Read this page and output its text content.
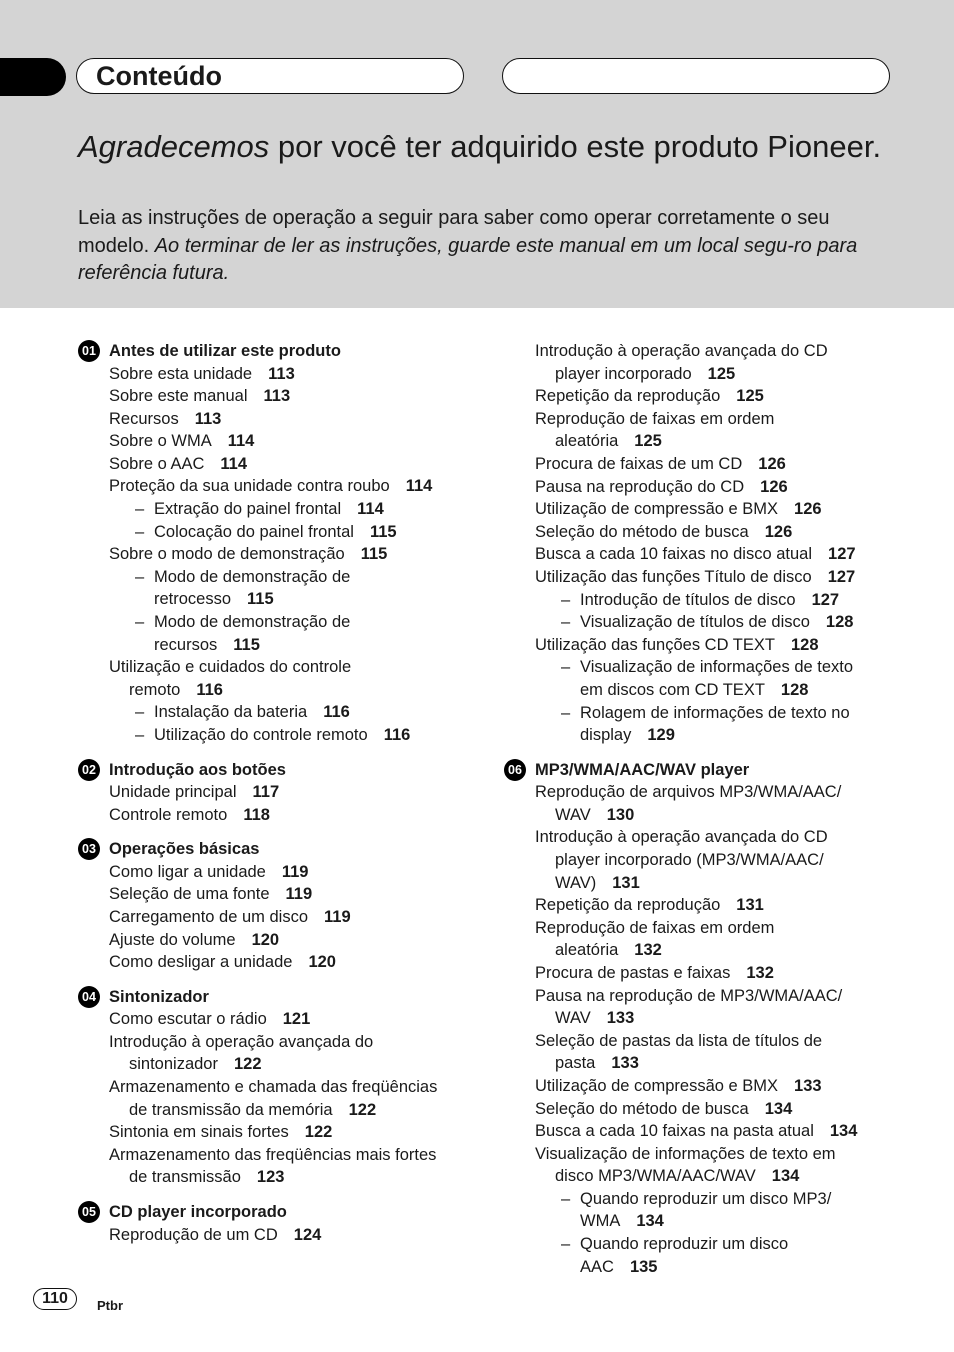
Conteúdo
Agradecemos por você ter adquirido este produto Pioneer.
Leia as instruções de operação a seguir para saber como operar corretamente o seu modelo. Ao terminar de ler as instruções, guarde este manual em um local segu-ro para referência futura.
01 Antes de utilizar este produto
Sobre esta unidade 113
Sobre este manual 113
Recursos 113
Sobre o WMA 114
Sobre o AAC 114
Proteção da sua unidade contra roubo 114
– Extração do painel frontal 114
– Colocação do painel frontal 115
Sobre o modo de demonstração 115
– Modo de demonstração de
retrocesso 115
– Modo de demonstração de
recursos 115
Utilização e cuidados do controle
remoto 116
– Instalação da bateria 116
– Utilização do controle remoto 116
02 Introdução aos botões
Unidade principal 117
Controle remoto 118
03 Operações básicas
Como ligar a unidade 119
Seleção de uma fonte 119
Carregamento de um disco 119
Ajuste do volume 120
Como desligar a unidade 120
04 Sintonizador
Como escutar o rádio 121
Introdução à operação avançada do
sintonizador 122
Armazenamento e chamada das freqüências
de transmissão da memória 122
Sintonia em sinais fortes 122
Armazenamento das freqüências mais fortes
de transmissão 123
05 CD player incorporado
Reprodução de um CD 124
Introdução à operação avançada do CD
player incorporado 125
Repetição da reprodução 125
Reprodução de faixas em ordem
aleatória 125
Procura de faixas de um CD 126
Pausa na reprodução do CD 126
Utilização de compressão e BMX 126
Seleção do método de busca 126
Busca a cada 10 faixas no disco atual 127
Utilização das funções Título de disco 127
– Introdução de títulos de disco 127
– Visualização de títulos de disco 128
Utilização das funções CD TEXT 128
– Visualização de informações de texto
em discos com CD TEXT 128
– Rolagem de informações de texto no
display 129
06 MP3/WMA/AAC/WAV player
Reprodução de arquivos MP3/WMA/AAC/
WAV 130
Introdução à operação avançada do CD
player incorporado (MP3/WMA/AAC/
WAV) 131
Repetição da reprodução 131
Reprodução de faixas em ordem
aleatória 132
Procura de pastas e faixas 132
Pausa na reprodução de MP3/WMA/AAC/
WAV 133
Seleção de pastas da lista de títulos de
pasta 133
Utilização de compressão e BMX 133
Seleção do método de busca 134
Busca a cada 10 faixas na pasta atual 134
Visualização de informações de texto em
disco MP3/WMA/AAC/WAV 134
– Quando reproduzir um disco MP3/
WMA 134
– Quando reproduzir um disco
AAC 135
110	Ptbr
